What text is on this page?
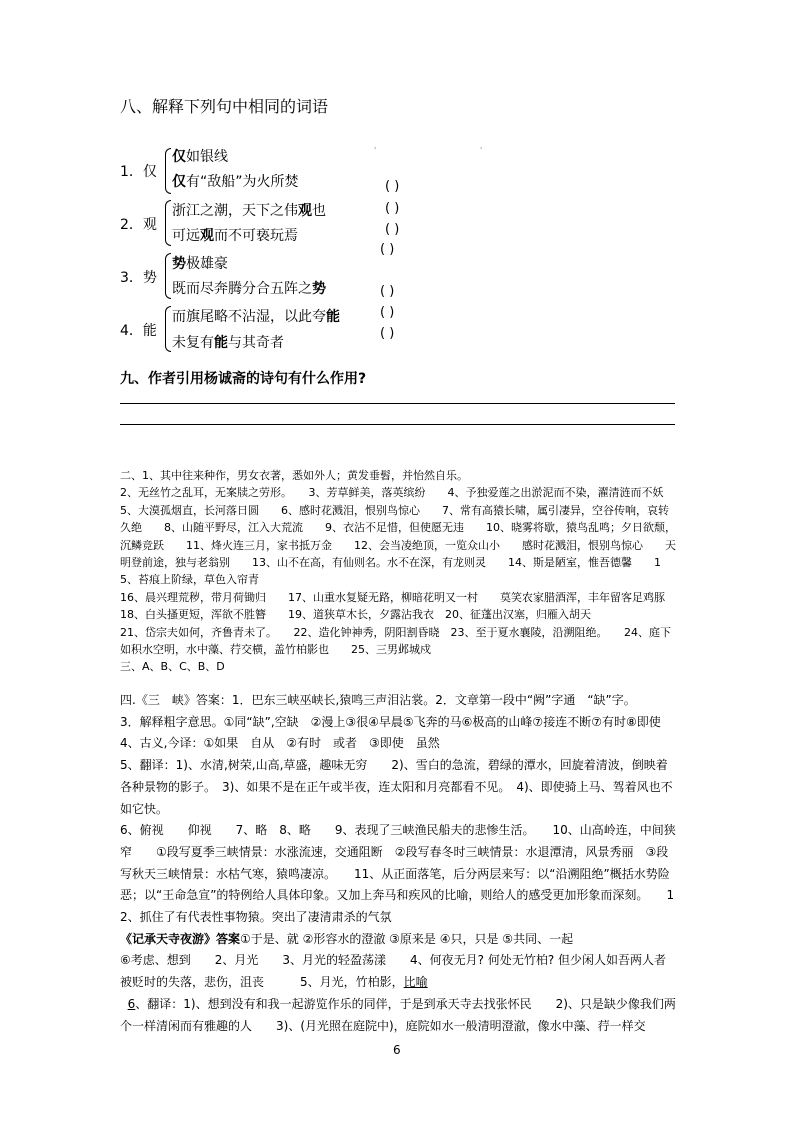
八、解释下列句中相同的词语
'	'
1．仅
仅如银线
仅有“敌船”为火所焚	( )
2．观
浙江之潮，天下之伟观也
可远观而不可亵玩焉
( )
( )
3．势
势极雄豪
既而尽奔腾分合五阵之势
( )
( )
4．能
而旗尾略不沾湿，以此夸能
未复有能与其奇者
( )
( )
九、作者引用杨诚斋的诗句有什么作用?

二、1、其中往来种作，男女衣著，悉如外人；黄发垂髫，并怡然自乐。

2、无丝竹之乱耳，无案牍之劳形。　　3、芳草鲜美，落英缤纷　　4、予独爱莲之出淤泥而不染，濯清涟而不妖　　5、大漠孤烟直，长河落日圆　　6、感时花溅泪，恨别鸟惊心　　7、常有高猿长啸，属引凄异，空谷传响，哀转久绝　　8、山随平野尽，江入大荒流　　9、衣沾不足惜，但使愿无违　　10、晓雾将歇，猿鸟乱鸣；夕日欲颓，沉鳞竞跃　　11、烽火连三月，家书抵万金　　12、会当凌绝顶，一览众山小　　感时花溅泪，恨别鸟惊心　　天明登前途，独与老翁别　　13、山不在高，有仙则名。水不在深，有龙则灵　　14、斯是陋室，惟吾德馨　　15、苔痕上阶绿，草色入帘青

16、晨兴理荒秽，带月荷锄归　　17、山重水复疑无路，柳暗花明又一村　　莫笑农家腊酒浑，丰年留客足鸡豚　　18、白头搔更短，浑欲不胜簪　　19、道狭草木长，夕露沾我衣　20、征蓬出汉塞，归雁入胡天

21、岱宗夫如何，齐鲁青未了。　　22、造化钟神秀，阴阳割昏晓　23、至于夏水襄陵，沿溯阻绝。　　24、庭下如积水空明，水中藻、荇交横，盖竹柏影也　　25、三男邺城戍

三、A、B、C、B、D

四.《三　峡》答案：1．巴东三峡巫峡长,猿鸣三声泪沾裳。2．文章第一段中“阙”字通　“缺”字。

3．解释粗字意思。①同“缺”,空缺　②漫上③很④早晨⑤飞奔的马⑥极高的山峰⑦接连不断⑦有时⑧即使

4、古义,今译：①如果　自从　②有时　或者　③即使　虽然

5、翻译：1)、水清,树荣,山高,草盛，趣味无穷　　2)、雪白的急流，碧绿的潭水，回旋着清波，倒映着各种景物的影子。　3)、如果不是在正午或半夜，连太阳和月亮都看不见。　4)、即使骑上马、驾着风也不如它快。

6、俯视　　仰视　　7、略　8、略　　9、表现了三峡渔民船夫的悲惨生活。　　10、山高岭连，中间狭窄　　①段写夏季三峡情景：水涨流速，交通阻断　②段写春冬时三峡情景：水退潭清，风景秀丽　③段写秋天三峡情景：水枯气寒，猿鸣凄凉。　　11、从正面落笔，后分两层来写：以“沿溯阻绝”概括水势险恶；以“王命急宣”的特例给人具体印象。又加上奔马和疾风的比喻，则给人的感受更加形象而深刻。　　12、抓住了有代表性事物猿。突出了凄清肃杀的气氛

《记承天寺夜游》答案①于是、就 ②形容水的澄澈 ③原来是 ④只，只是 ⑤共同、一起

⑥考虑、想到　　2、月光　　3、月光的轻盈荡漾　　4、何夜无月? 何处无竹柏? 但少闲人如吾两人者　　被贬时的失落，悲伤，沮丧　　　5、月光，竹柏影，比喻

6、翻译：1)、想到没有和我一起游览作乐的同伴，于是到承天寺去找张怀民　　2)、只是缺少像我们两个一样清闲而有雅趣的人　　3)、(月光照在庭院中)，庭院如水一般清明澄澈，像水中藻、荇一样交

6
